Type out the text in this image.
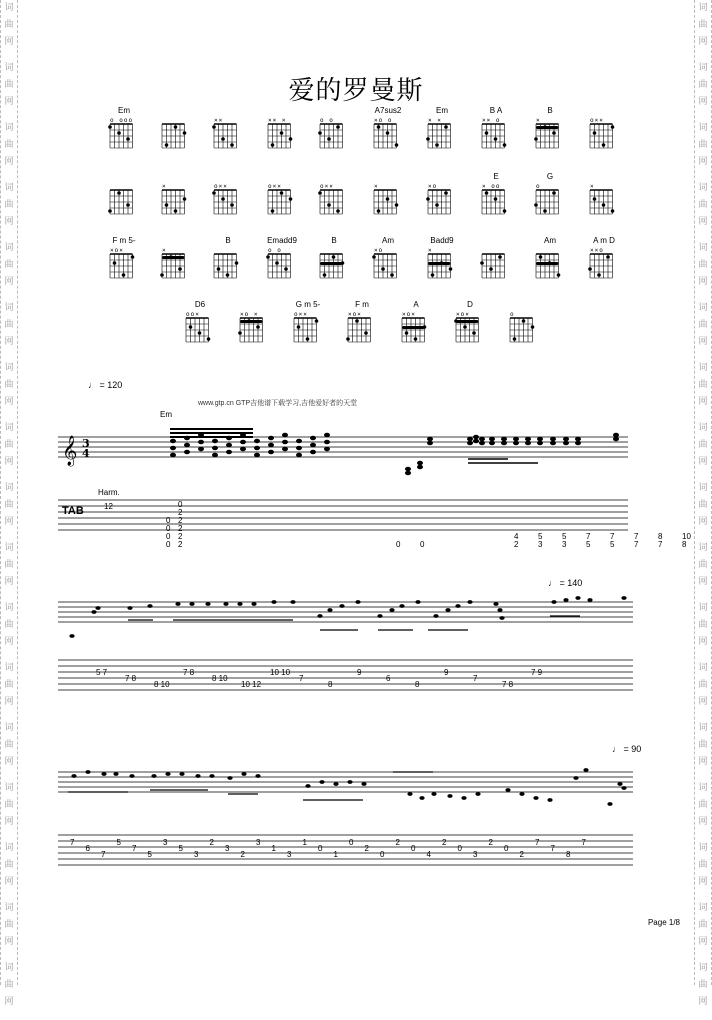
词
曲
网
词
曲
网
词
曲
网
词
曲
网
词
曲
网
词
曲
网
词
曲
网
词
曲
网
词
曲
网
词
曲
网
词
曲
网
词
曲
网
词
曲
网
词
曲
网
词
曲
网
词
曲
网
词
曲
网
词
曲
网
词
曲
网
词
曲
网
词
曲
网
词
曲
网
词
曲
网
词
曲
网
词
曲
网
词
曲
网
词
曲
网
词
曲
网
词
曲
网
词
曲
网
词
曲
网
词
曲
网
词
曲
网
词
曲
网
爱的罗曼斯
Em
o ooo	××	×× ×	o o
A7sus2
×o o
Em
× ×
B A
×× o
B
×	o××
×	o××	o××	o××	×	×o
E
× oo
G
o	×
F m 5-
×o×	×
B	Emadd9
o o
B	Am
×o
Badd9
×
Am	A m D
××o
D6
oo×	×o ×
G m 5-
o××
F m
×o×
A
×o×
D
×o×	o
♩ = 120
www.gtp.cn GTP吉他谱下载学习,吉他爱好者的天堂
Em
𝄞 3
4
Harm.
12
TAB
0
0
0
0
2
2
2
2
2
0
0 0	2
4
3
5
3
5
5
7
5
7
7
7
7
8
8
10
♩ = 140
5 7
7 8
8 10
7 8
8 10
10 12
10 10
7
8
9
6
8
9
7
7 8
7 9
♩ = 90
7
6
7
5
7
5
3
5
3
2
3
2
3
1
3
1
0
1
0
2
0
2
0
4
2
0
3
2
0
2
7
7
8
7
Page 1/8
